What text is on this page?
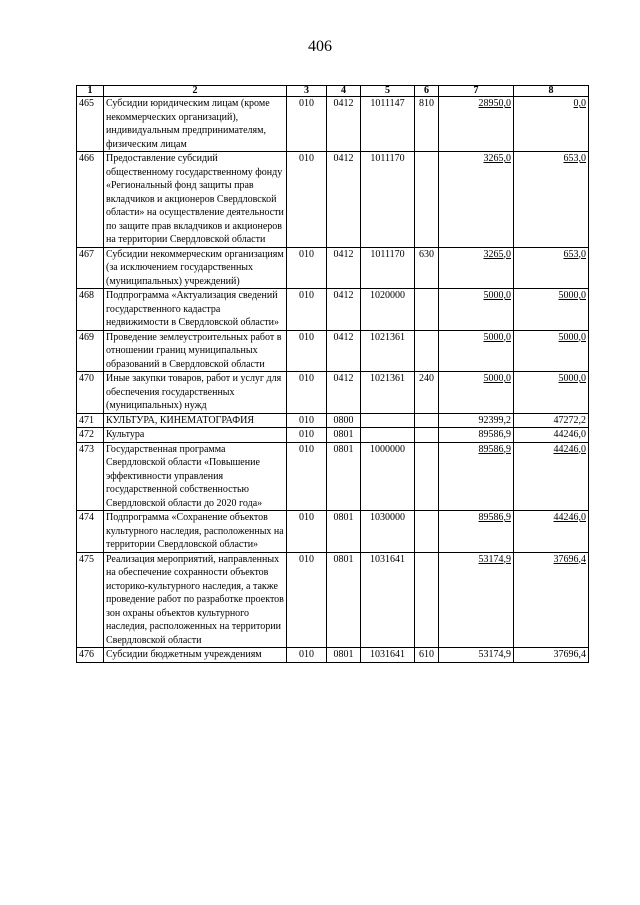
406
1	2	3	4	5	6	7	8
465	Субсидии юридическим лицам (кроме некоммерческих организаций), индивидуальным предпринимателям, физическим лицам	010	0412	1011147	810	28950,0	0,0
466	Предоставление субсидий общественному государственному фонду «Региональный фонд защиты прав вкладчиков и акционеров Свердловской области» на осуществление деятельности по защите прав вкладчиков и акционеров на территории Свердловской области	010	0412	1011170		3265,0	653,0
467	Субсидии некоммерческим организациям (за исключением государственных (муниципальных) учреждений)	010	0412	1011170	630	3265,0	653,0
468	Подпрограмма «Актуализация сведений государственного кадастра недвижимости в Свердловской области»	010	0412	1020000		5000,0	5000,0
469	Проведение землеустроительных работ в отношении границ муниципальных образований в Свердловской области	010	0412	1021361		5000,0	5000,0
470	Иные закупки товаров, работ и услуг для обеспечения государственных (муниципальных) нужд	010	0412	1021361	240	5000,0	5000,0
471	КУЛЬТУРА, КИНЕМАТОГРАФИЯ	010	0800			92399,2	47272,2
472	Культура	010	0801			89586,9	44246,0
473	Государственная программа Свердловской области «Повышение эффективности управления государственной собственностью Свердловской области до 2020 года»	010	0801	1000000		89586,9	44246,0
474	Подпрограмма «Сохранение объектов культурного наследия, расположенных на территории Свердловской области»	010	0801	1030000		89586,9	44246,0
475	Реализация мероприятий, направленных на обеспечение сохранности объектов историко-культурного наследия, а также проведение работ по разработке проектов зон охраны объектов культурного наследия, расположенных на территории Свердловской области	010	0801	1031641		53174,9	37696,4
476	Субсидии бюджетным учреждениям	010	0801	1031641	610	53174,9	37696,4
